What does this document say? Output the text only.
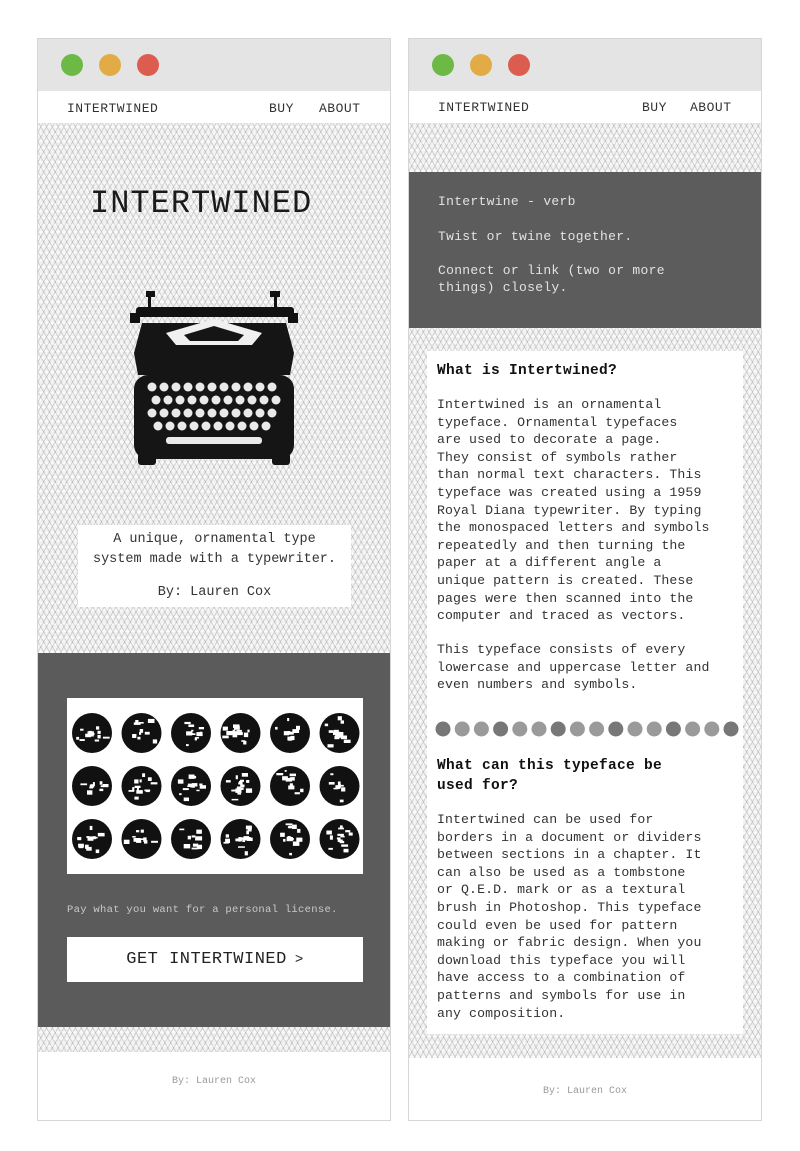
INTERTWINED	BUY ABOUT
INTERTWINED
A unique, ornamental type
system made with a typewriter.
By: Lauren Cox
Pay what you want for a personal license.
GET INTERTWINED >
By: Lauren Cox
INTERTWINED	BUY ABOUT
Intertwine - verb
Twist or twine together.
Connect or link (two or more
things) closely.
What is Intertwined?
Intertwined is an ornamental
typeface. Ornamental typefaces
are used to decorate a page.
They consist of symbols rather
than normal text characters. This
typeface was created using a 1959
Royal Diana typewriter. By typing
the monospaced letters and symbols
repeatedly and then turning the
paper at a different angle a
unique pattern is created. These
pages were then scanned into the
computer and traced as vectors.
This typeface consists of every
lowercase and uppercase letter and
even numbers and symbols.
What can this typeface be
used for?
Intertwined can be used for
borders in a document or dividers
between sections in a chapter. It
can also be used as a tombstone
or Q.E.D. mark or as a textural
brush in Photoshop. This typeface
could even be used for pattern
making or fabric design. When you
download this typeface you will
have access to a combination of
patterns and symbols for use in
any composition.
By: Lauren Cox
